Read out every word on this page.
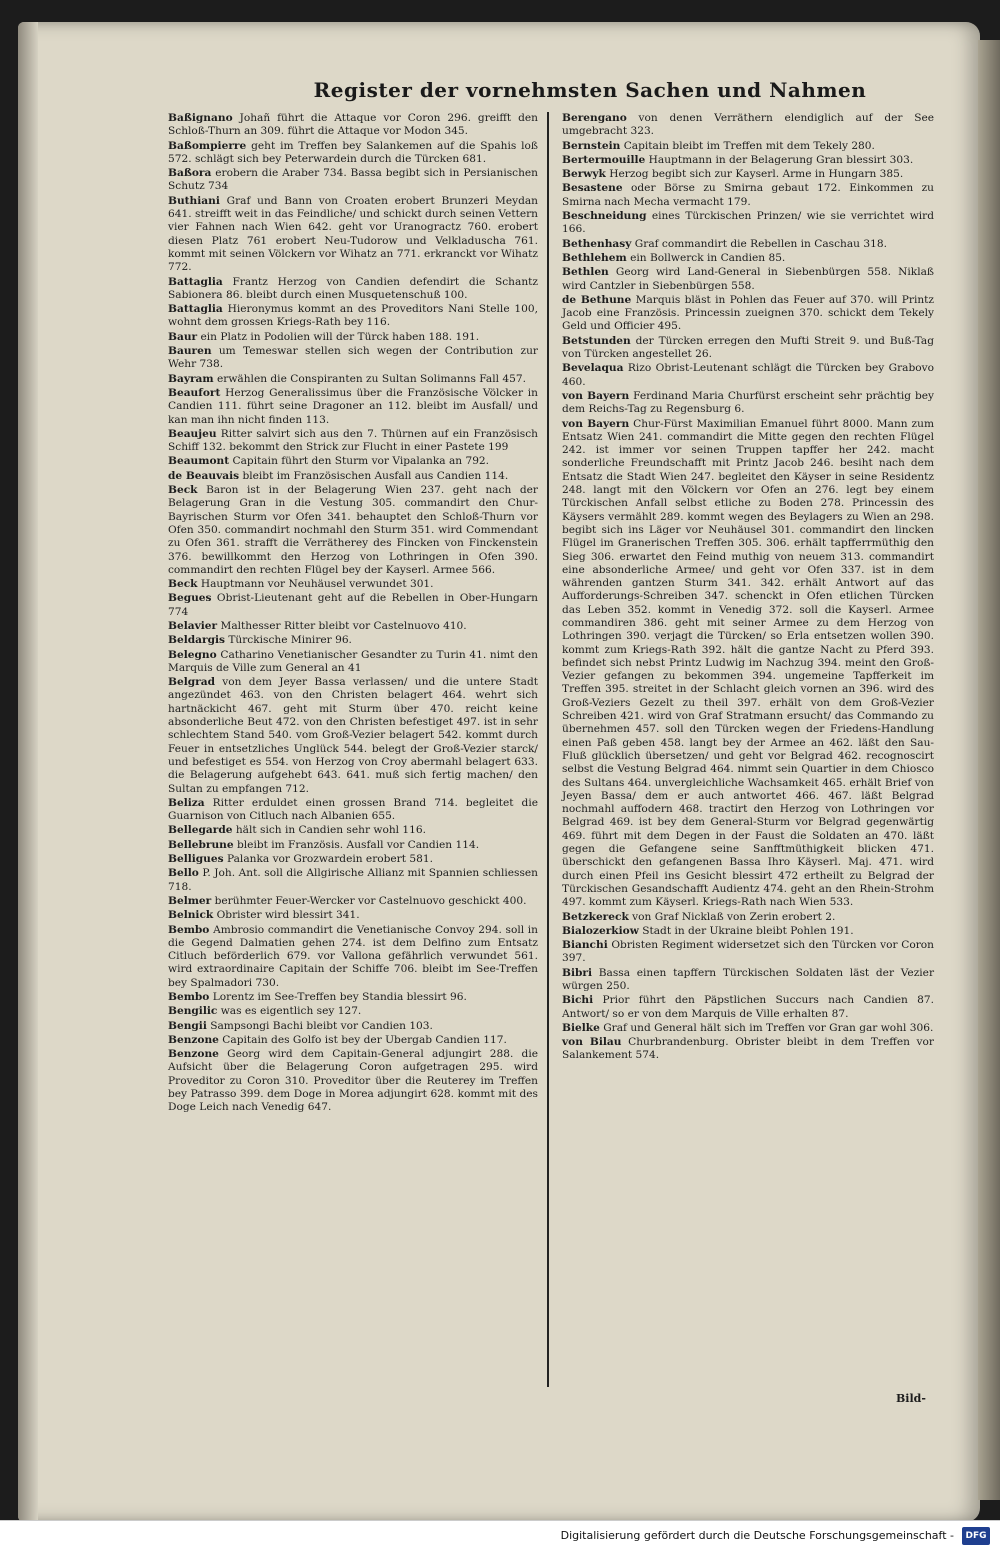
Register der vornehmsten Sachen und Nahmen

Baßignano Johañ führt die Attaque vor Coron 296. greifft den Schloß-Thurn an 309. führt die Attaque vor Modon 345.

Baßompierre geht im Treffen bey Salankemen auf die Spahis loß 572. schlägt sich bey Peterwardein durch die Türcken 681.

Baßora erobern die Araber 734. Bassa begibt sich in Persianischen Schutz 734

Buthiani Graf und Bann von Croaten erobert Brunzeri Meydan 641. streifft weit in das Feindliche/ und schickt durch seinen Vettern vier Fahnen nach Wien 642. geht vor Uranogractz 760. erobert diesen Platz 761 erobert Neu-Tudorow und Velkladuscha 761. kommt mit seinen Völckern vor Wihatz an 771. erkranckt vor Wihatz 772.

Battaglia Frantz Herzog von Candien defendirt die Schantz Sabionera 86. bleibt durch einen Musquetenschuß 100.

Battaglia Hieronymus kommt an des Proveditors Nani Stelle 100, wohnt dem grossen Kriegs-Rath bey 116.

Baur ein Platz in Podolien will der Türck haben 188. 191.

Bauren um Temeswar stellen sich wegen der Contribution zur Wehr 738.

Bayram erwählen die Conspiranten zu Sultan Solimanns Fall 457.

Beaufort Herzog Generalissimus über die Französische Völcker in Candien 111. führt seine Dragoner an 112. bleibt im Ausfall/ und kan man ihn nicht finden 113.

Beaujeu Ritter salvirt sich aus den 7. Thürnen auf ein Französisch Schiff 132. bekommt den Strick zur Flucht in einer Pastete 199

Beaumont Capitain führt den Sturm vor Vipalanka an 792.

de Beauvais bleibt im Französischen Ausfall aus Candien 114.

Beck Baron ist in der Belagerung Wien 237. geht nach der Belagerung Gran in die Vestung 305. commandirt den Chur-Bayrischen Sturm vor Ofen 341. behauptet den Schloß-Thurn vor Ofen 350. commandirt nochmahl den Sturm 351. wird Commendant zu Ofen 361. strafft die Verrätherey des Fincken von Finckenstein 376. bewillkommt den Herzog von Lothringen in Ofen 390. commandirt den rechten Flügel bey der Kayserl. Armee 566.

Beck Hauptmann vor Neuhäusel verwundet 301.

Begues Obrist-Lieutenant geht auf die Rebellen in Ober-Hungarn 774

Belavier Malthesser Ritter bleibt vor Castelnuovo 410.

Beldargis Türckische Minirer 96.

Belegno Catharino Venetianischer Gesandter zu Turin 41. nimt den Marquis de Ville zum General an 41

Belgrad von dem Jeyer Bassa verlassen/ und die untere Stadt angezündet 463. von den Christen belagert 464. wehrt sich hartnäckicht 467. geht mit Sturm über 470. reicht keine absonderliche Beut 472. von den Christen befestiget 497. ist in sehr schlechtem Stand 540. vom Groß-Vezier belagert 542. kommt durch Feuer in entsetzliches Unglück 544. belegt der Groß-Vezier starck/ und befestiget es 554. von Herzog von Croy abermahl belagert 633. die Belagerung aufgehebt 643. 641. muß sich fertig machen/ den Sultan zu empfangen 712.

Beliza Ritter erduldet einen grossen Brand 714. begleitet die Guarnison von Citluch nach Albanien 655.

Bellegarde hält sich in Candien sehr wohl 116.

Bellebrune bleibt im Französis. Ausfall vor Candien 114.

Belligues Palanka vor Grozwardein erobert 581.

Bello P. Joh. Ant. soll die Allgirische Allianz mit Spannien schliessen 718.

Belmer berühmter Feuer-Wercker vor Castelnuovo geschickt 400.

Belnick Obrister wird blessirt 341.

Bembo Ambrosio commandirt die Venetianische Convoy 294. soll in die Gegend Dalmatien gehen 274. ist dem Delfino zum Entsatz Citluch beförderlich 679. vor Vallona gefährlich verwundet 561. wird extraordinaire Capitain der Schiffe 706. bleibt im See-Treffen bey Spalmadori 730.

Bembo Lorentz im See-Treffen bey Standia blessirt 96.

Bengilic was es eigentlich sey 127.

Bengii Sampsongi Bachi bleibt vor Candien 103.

Benzone Capitain des Golfo ist bey der Ubergab Candien 117.

Benzone Georg wird dem Capitain-General adjungirt 288. die Aufsicht über die Belagerung Coron aufgetragen 295. wird Proveditor zu Coron 310. Proveditor über die Reuterey im Treffen bey Patrasso 399. dem Doge in Morea adjungirt 628. kommt mit des Doge Leich nach Venedig 647.

Berengano von denen Verräthern elendiglich auf der See umgebracht 323.

Bernstein Capitain bleibt im Treffen mit dem Tekely 280.

Bertermouille Hauptmann in der Belagerung Gran blessirt 303.

Berwyk Herzog begibt sich zur Kayserl. Arme in Hungarn 385.

Besastene oder Börse zu Smirna gebaut 172. Einkommen zu Smirna nach Mecha vermacht 179.

Beschneidung eines Türckischen Prinzen/ wie sie verrichtet wird 166.

Bethenhasy Graf commandirt die Rebellen in Caschau 318.

Bethlehem ein Bollwerck in Candien 85.

Bethlen Georg wird Land-General in Siebenbürgen 558. Niklaß wird Cantzler in Siebenbürgen 558.

de Bethune Marquis bläst in Pohlen das Feuer auf 370. will Printz Jacob eine Französis. Princessin zueignen 370. schickt dem Tekely Geld und Officier 495.

Betstunden der Türcken erregen den Mufti Streit 9. und Buß-Tag von Türcken angestellet 26.

Bevelaqua Rizo Obrist-Leutenant schlägt die Türcken bey Grabovo 460.

von Bayern Ferdinand Maria Churfürst erscheint sehr prächtig bey dem Reichs-Tag zu Regensburg 6.

von Bayern Chur-Fürst Maximilian Emanuel führt 8000. Mann zum Entsatz Wien 241. commandirt die Mitte gegen den rechten Flügel 242. ist immer vor seinen Truppen tapffer her 242. macht sonderliche Freundschafft mit Printz Jacob 246. besiht nach dem Entsatz die Stadt Wien 247. begleitet den Käyser in seine Residentz 248. langt mit den Völckern vor Ofen an 276. legt bey einem Türckischen Anfall selbst etliche zu Boden 278. Princessin des Käysers vermählt 289. kommt wegen des Beylagers zu Wien an 298. begibt sich ins Läger vor Neuhäusel 301. commandirt den lincken Flügel im Granerischen Treffen 305. 306. erhält tapfferrmüthig den Sieg 306. erwartet den Feind muthig von neuem 313. commandirt eine absonderliche Armee/ und geht vor Ofen 337. ist in dem währenden gantzen Sturm 341. 342. erhält Antwort auf das Aufforderungs-Schreiben 347. schenckt in Ofen etlichen Türcken das Leben 352. kommt in Venedig 372. soll die Kayserl. Armee commandiren 386. geht mit seiner Armee zu dem Herzog von Lothringen 390. verjagt die Türcken/ so Erla entsetzen wollen 390. kommt zum Kriegs-Rath 392. hält die gantze Nacht zu Pferd 393. befindet sich nebst Printz Ludwig im Nachzug 394. meint den Groß-Vezier gefangen zu bekommen 394. ungemeine Tapfferkeit im Treffen 395. streitet in der Schlacht gleich vornen an 396. wird des Groß-Veziers Gezelt zu theil 397. erhält von dem Groß-Vezier Schreiben 421. wird von Graf Stratmann ersucht/ das Commando zu übernehmen 457. soll den Türcken wegen der Friedens-Handlung einen Paß geben 458. langt bey der Armee an 462. läßt den Sau-Fluß glücklich übersetzen/ und geht vor Belgrad 462. recognoscirt selbst die Vestung Belgrad 464. nimmt sein Quartier in dem Chiosco des Sultans 464. unvergleichliche Wachsamkeit 465. erhält Brief von Jeyen Bassa/ dem er auch antwortet 466. 467. läßt Belgrad nochmahl auffodern 468. tractirt den Herzog von Lothringen vor Belgrad 469. ist bey dem General-Sturm vor Belgrad gegenwärtig 469. führt mit dem Degen in der Faust die Soldaten an 470. läßt gegen die Gefangene seine Sanfftmüthigkeit blicken 471. überschickt den gefangenen Bassa Ihro Käyserl. Maj. 471. wird durch einen Pfeil ins Gesicht blessirt 472 ertheilt zu Belgrad der Türckischen Gesandschafft Audientz 474. geht an den Rhein-Strohm 497. kommt zum Käyserl. Kriegs-Rath nach Wien 533.

Betzkereck von Graf Nicklaß von Zerin erobert 2.

Bialozerkiow Stadt in der Ukraine bleibt Pohlen 191.

Bianchi Obristen Regiment widersetzet sich den Türcken vor Coron 397.

Bibri Bassa einen tapffern Türckischen Soldaten läst der Vezier würgen 250.

Bichi Prior führt den Päpstlichen Succurs nach Candien 87. Antwort/ so er von dem Marquis de Ville erhalten 87.

Bielke Graf und General hält sich im Treffen vor Gran gar wohl 306.

von Bilau Churbrandenburg. Obrister bleibt in dem Treffen vor Salankement 574.

Bild-
Digitalisierung gefördert durch die Deutsche Forschungsgemeinschaft -	DFG
